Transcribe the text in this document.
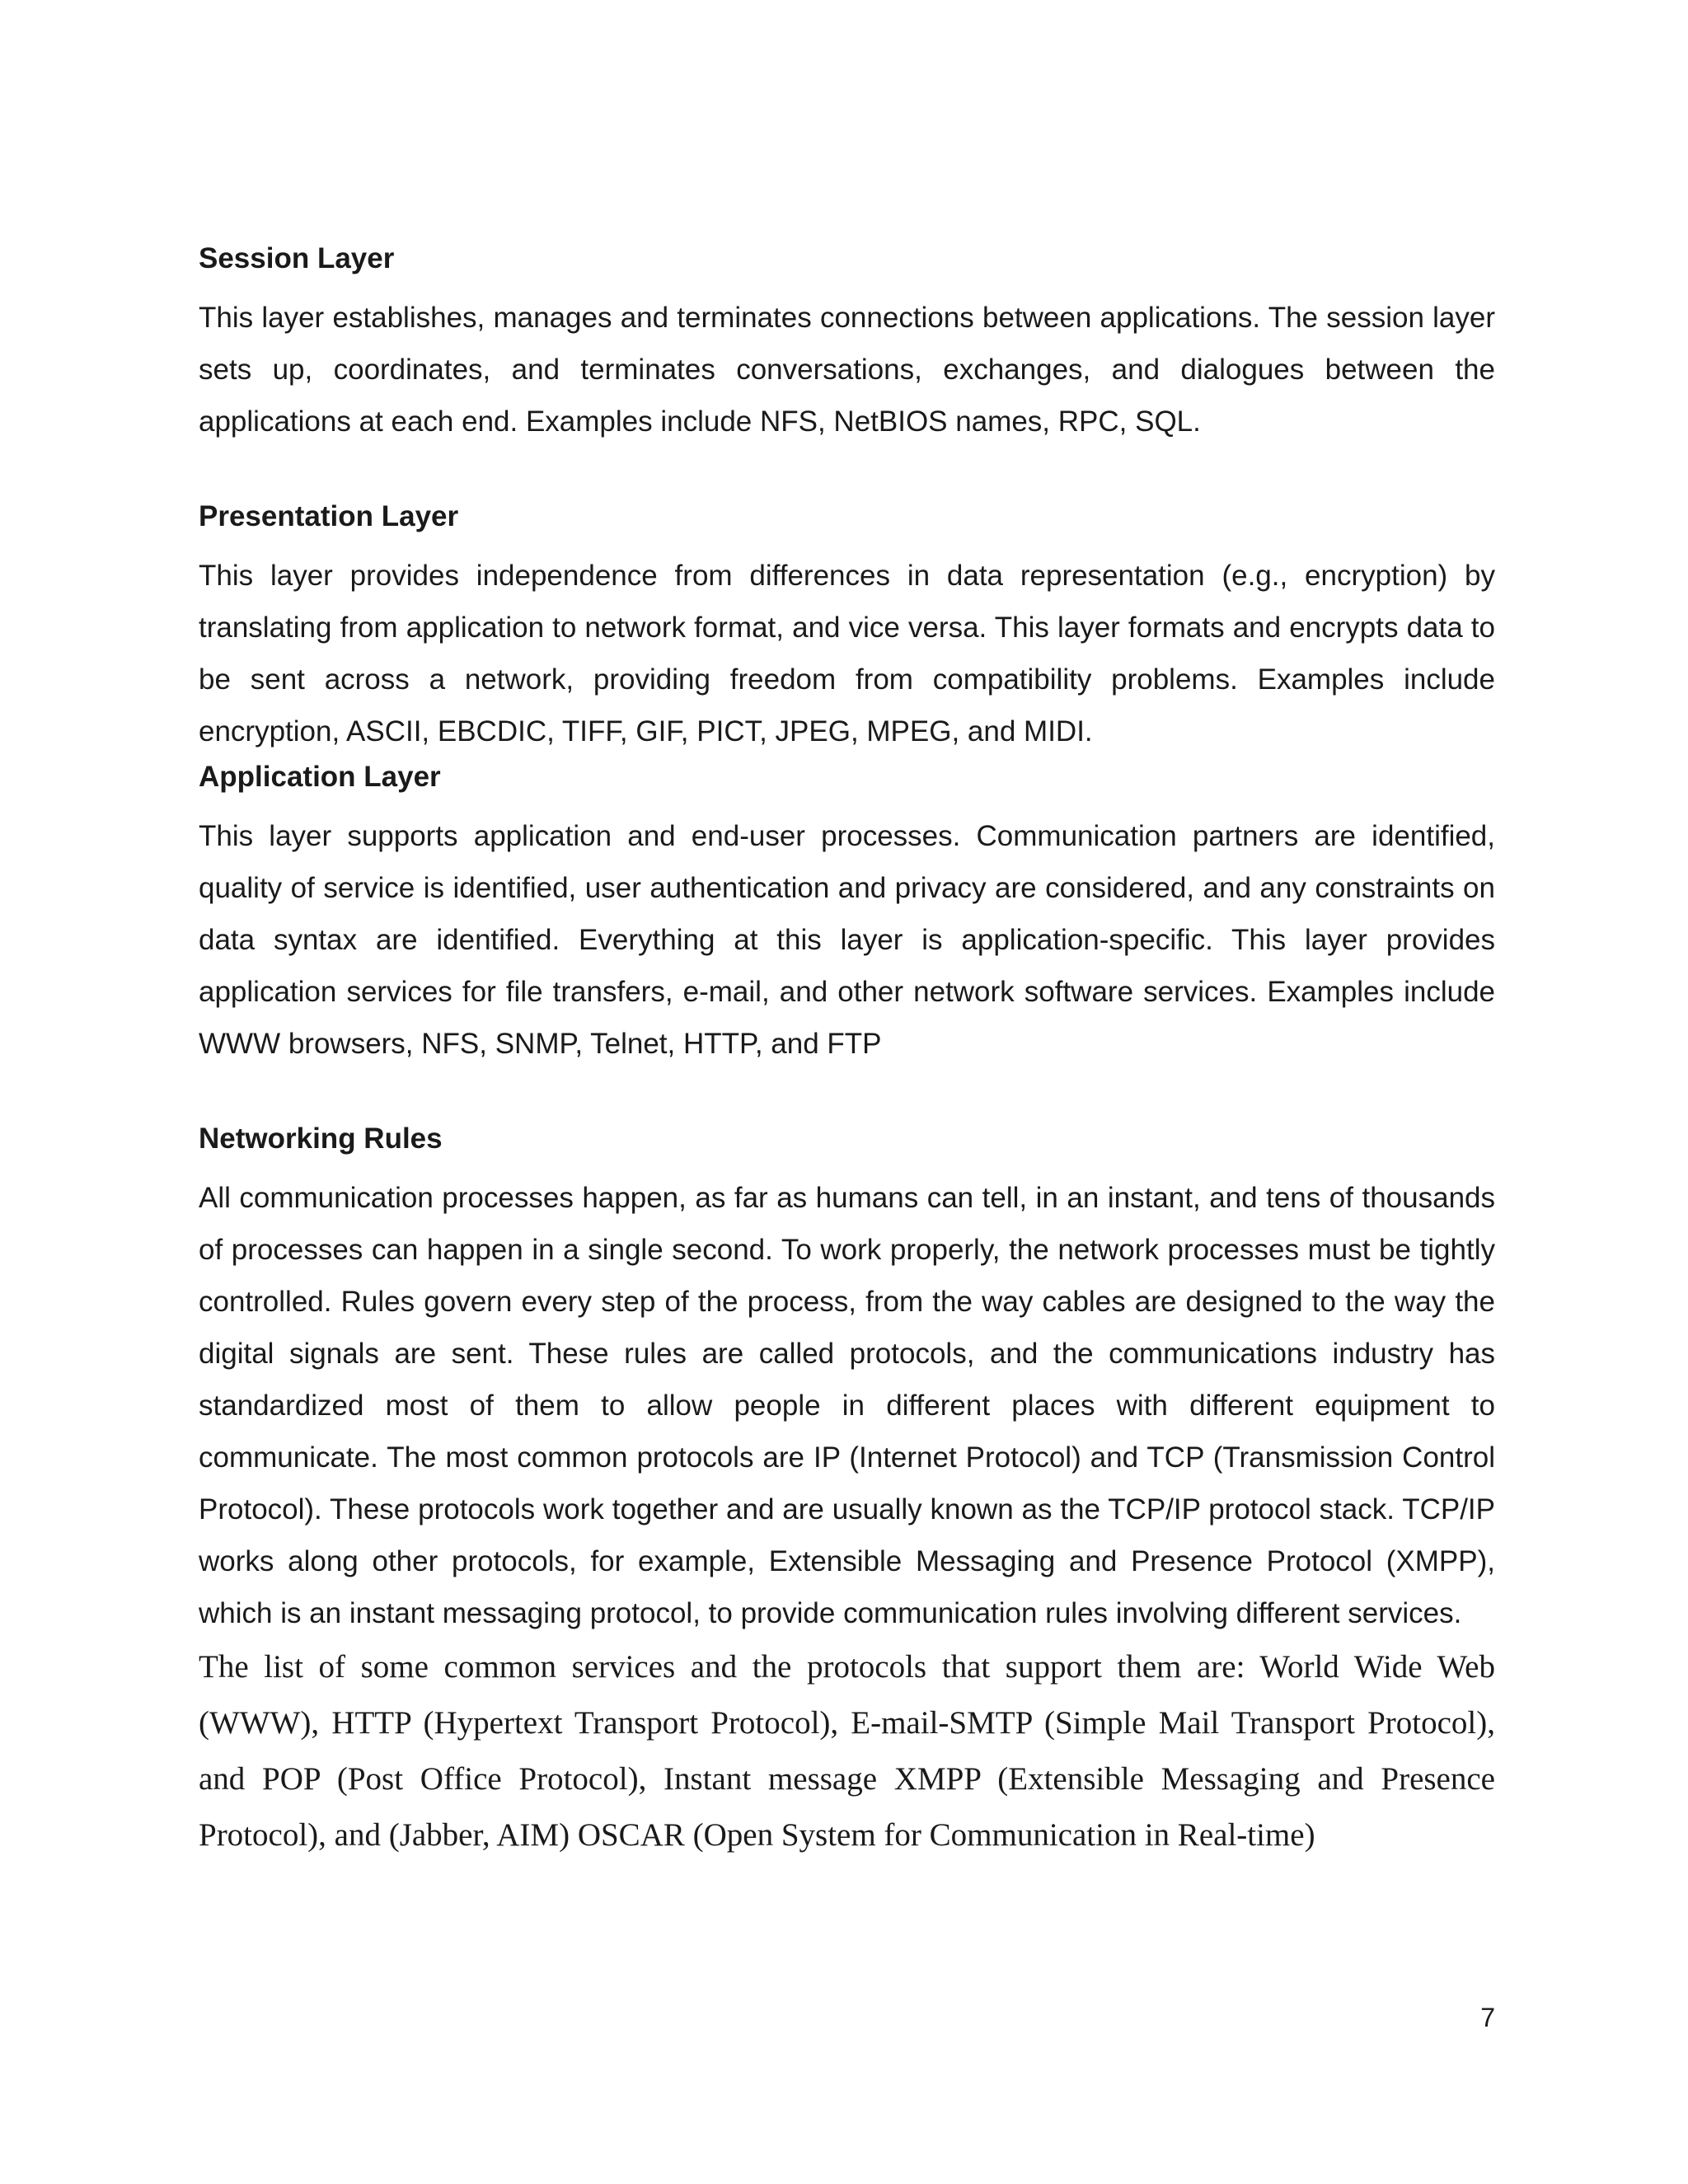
Session Layer

This layer establishes, manages and terminates connections between applications. The session layer sets up, coordinates, and terminates conversations, exchanges, and dialogues between the applications at each end. Examples include NFS, NetBIOS names, RPC, SQL.

Presentation Layer

This layer provides independence from differences in data representation (e.g., encryption) by translating from application to network format, and vice versa. This layer formats and encrypts data to be sent across a network, providing freedom from compatibility problems. Examples include encryption, ASCII, EBCDIC, TIFF, GIF, PICT, JPEG, MPEG, and MIDI.

Application Layer

This layer supports application and end-user processes. Communication partners are identified, quality of service is identified, user authentication and privacy are considered, and any constraints on data syntax are identified. Everything at this layer is application-specific. This layer provides application services for file transfers, e-mail, and other network software services. Examples include WWW browsers, NFS, SNMP, Telnet, HTTP, and FTP

Networking Rules

All communication processes happen, as far as humans can tell, in an instant, and tens of thousands of processes can happen in a single second. To work properly, the network processes must be tightly controlled. Rules govern every step of the process, from the way cables are designed to the way the digital signals are sent. These rules are called protocols, and the communications industry has standardized most of them to allow people in different places with different equipment to communicate. The most common protocols are IP (Internet Protocol) and TCP (Transmission Control Protocol). These protocols work together and are usually known as the TCP/IP protocol stack. TCP/IP works along other protocols, for example, Extensible Messaging and Presence Protocol (XMPP), which is an instant messaging protocol, to provide communication rules involving different services.

The list of some common services and the protocols that support them are: World Wide Web (WWW), HTTP (Hypertext Transport Protocol), E-mail-SMTP (Simple Mail Transport Protocol), and POP (Post Office Protocol), Instant message XMPP (Extensible Messaging and Presence Protocol), and (Jabber, AIM) OSCAR (Open System for Communication in Real-time)

7
